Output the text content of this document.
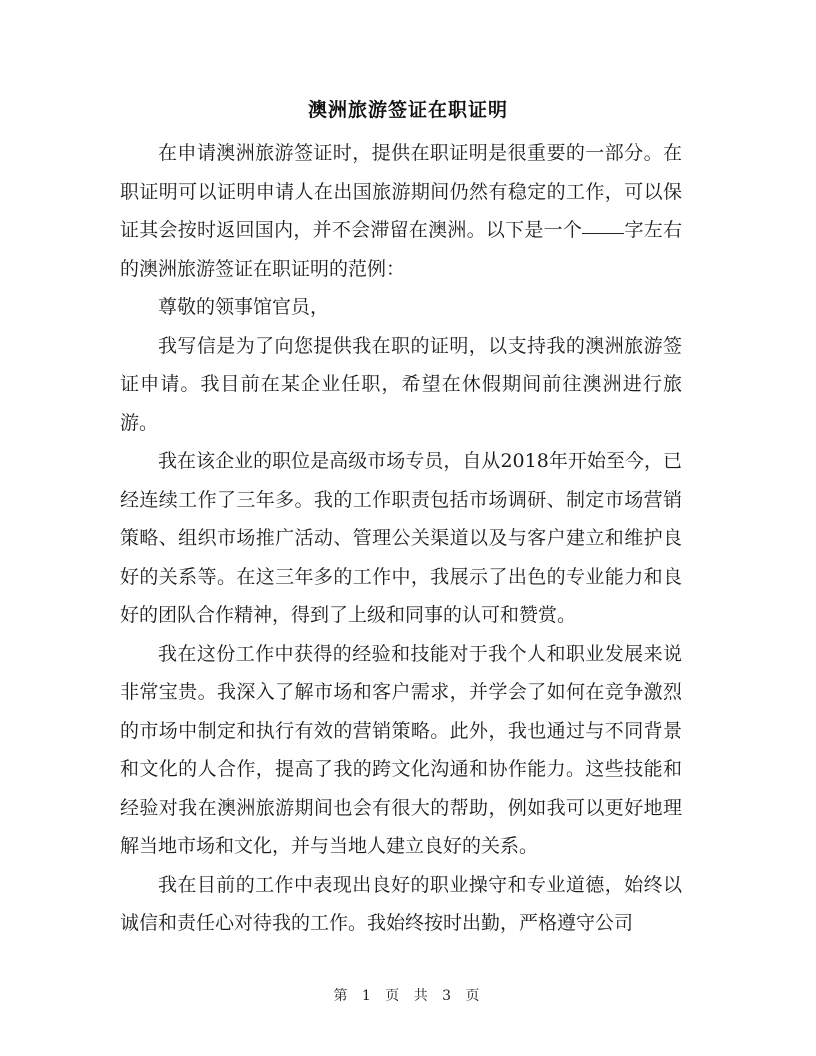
澳洲旅游签证在职证明

在申请澳洲旅游签证时，提供在职证明是很重要的一部分。在职证明可以证明申请人在出国旅游期间仍然有稳定的工作，可以保证其会按时返回国内，并不会滞留在澳洲。以下是一个 字左右的澳洲旅游签证在职证明的范例：

尊敬的领事馆官员，

我写信是为了向您提供我在职的证明，以支持我的澳洲旅游签证申请。我目前在某企业任职，希望在休假期间前往澳洲进行旅游。

我在该企业的职位是高级市场专员，自从2018年开始至今，已经连续工作了三年多。我的工作职责包括市场调研、制定市场营销策略、组织市场推广活动、管理公关渠道以及与客户建立和维护良好的关系等。在这三年多的工作中，我展示了出色的专业能力和良好的团队合作精神，得到了上级和同事的认可和赞赏。

我在这份工作中获得的经验和技能对于我个人和职业发展来说非常宝贵。我深入了解市场和客户需求，并学会了如何在竞争激烈的市场中制定和执行有效的营销策略。此外，我也通过与不同背景和文化的人合作，提高了我的跨文化沟通和协作能力。这些技能和经验对我在澳洲旅游期间也会有很大的帮助，例如我可以更好地理解当地市场和文化，并与当地人建立良好的关系。

我在目前的工作中表现出良好的职业操守和专业道德，始终以诚信和责任心对待我的工作。我始终按时出勤，严格遵守公司

第 1 页 共 3 页
